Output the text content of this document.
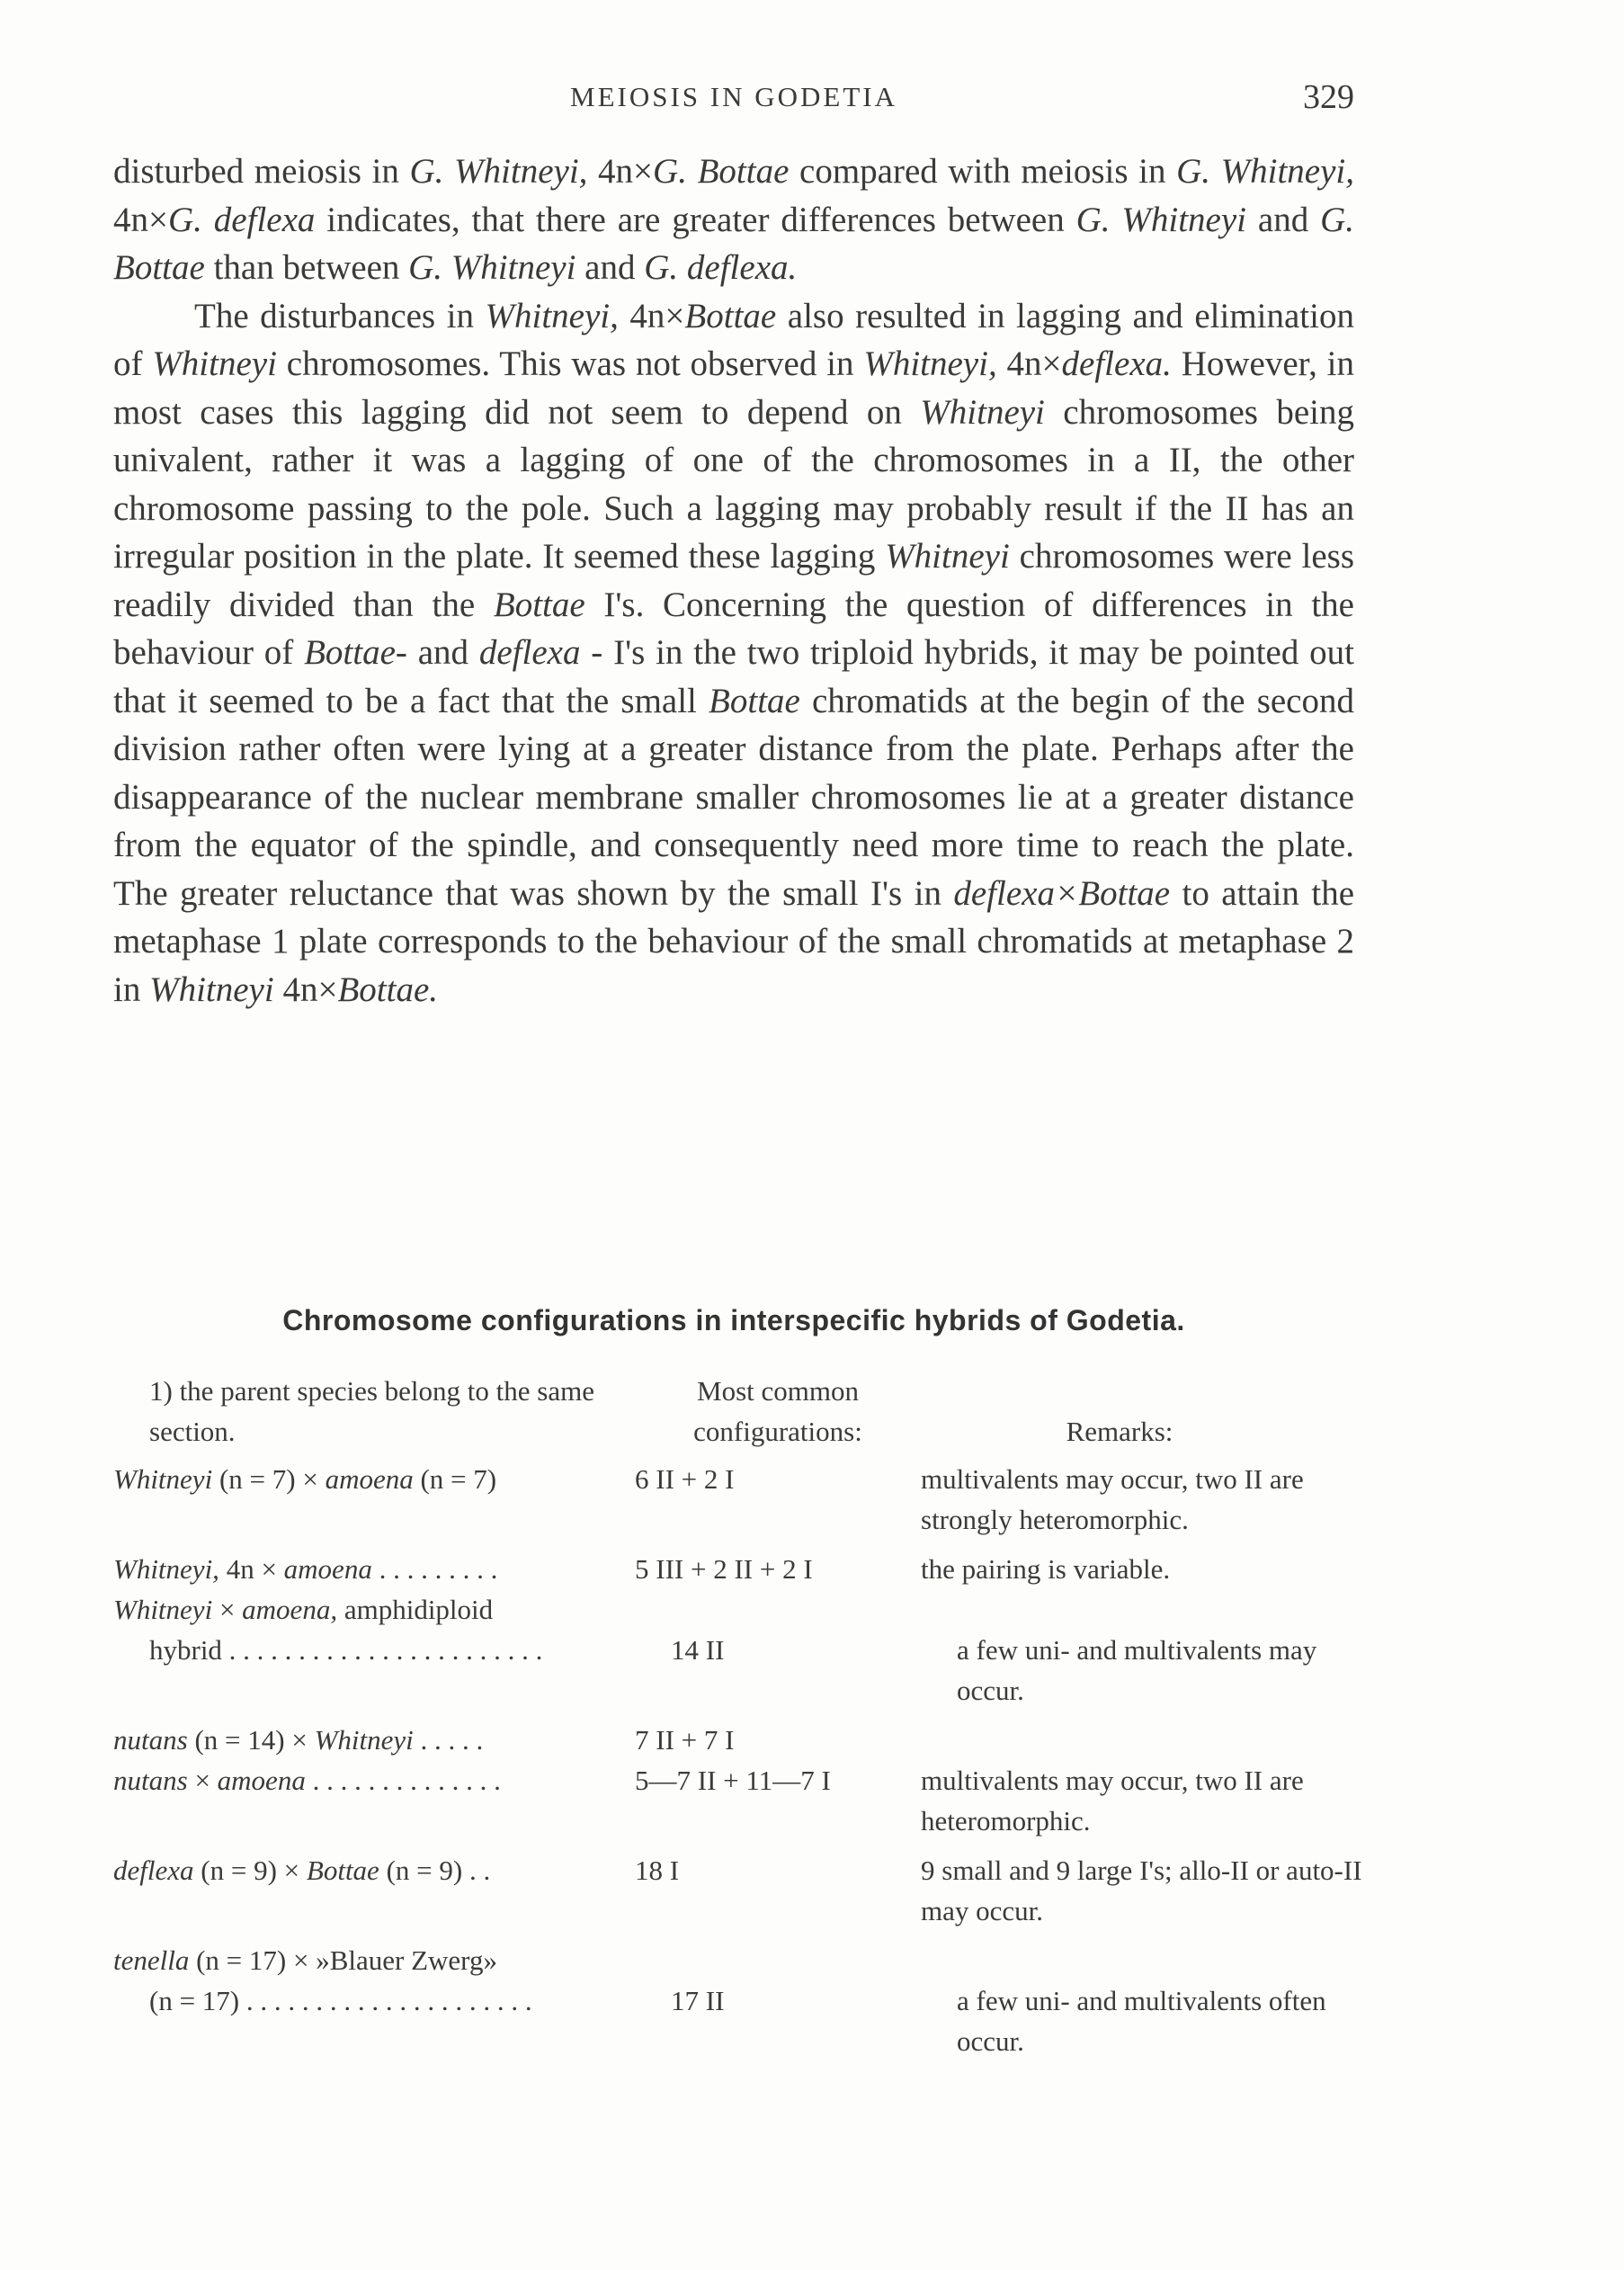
MEIOSIS IN GODETIA	329

disturbed meiosis in G. Whitneyi, 4n×G. Bottae compared with meiosis in G. Whitneyi, 4n×G. deflexa indicates, that there are greater differences between G. Whitneyi and G. Bottae than between G. Whitneyi and G. deflexa.

The disturbances in Whitneyi, 4n×Bottae also resulted in lagging and elimination of Whitneyi chromosomes. This was not observed in Whitneyi, 4n×deflexa. However, in most cases this lagging did not seem to depend on Whitneyi chromosomes being univalent, rather it was a lagging of one of the chromosomes in a II, the other chromosome passing to the pole. Such a lagging may probably result if the II has an irregular position in the plate. It seemed these lagging Whitneyi chromosomes were less readily divided than the Bottae I's. Concerning the question of differences in the behaviour of Bottae- and deflexa - I's in the two triploid hybrids, it may be pointed out that it seemed to be a fact that the small Bottae chromatids at the begin of the second division rather often were lying at a greater distance from the plate. Perhaps after the disappearance of the nuclear membrane smaller chromosomes lie at a greater distance from the equator of the spindle, and consequently need more time to reach the plate. The greater reluctance that was shown by the small I's in deflexa×Bottae to attain the metaphase 1 plate corresponds to the behaviour of the small chromatids at metaphase 2 in Whitneyi 4n×Bottae.

Chromosome configurations in interspecific hybrids of Godetia.
1) the parent species belong to the same section.
Most common configurations:	Remarks:
Whitneyi (n = 7) × amoena (n = 7)	6 II + 2 I	multivalents may occur, two II are strongly heteromorphic.
Whitneyi, 4n × amoena . . . . . . . . .	5 III + 2 II + 2 I	the pairing is variable.
Whitneyi × amoena, amphidiploid
hybrid . . . . . . . . . . . . . . . . . . . . . . .	14 II	a few uni- and multivalents may occur.
nutans (n = 14) × Whitneyi . . . . .	7 II + 7 I
nutans × amoena . . . . . . . . . . . . . .	5—7 II + 11—7 I	multivalents may occur, two II are heteromorphic.
deflexa (n = 9) × Bottae (n = 9) . .	18 I	9 small and 9 large I's; allo-II or auto-II may occur.
tenella (n = 17) × »Blauer Zwerg»
(n = 17) . . . . . . . . . . . . . . . . . . . . .	17 II	a few uni- and multivalents often occur.
